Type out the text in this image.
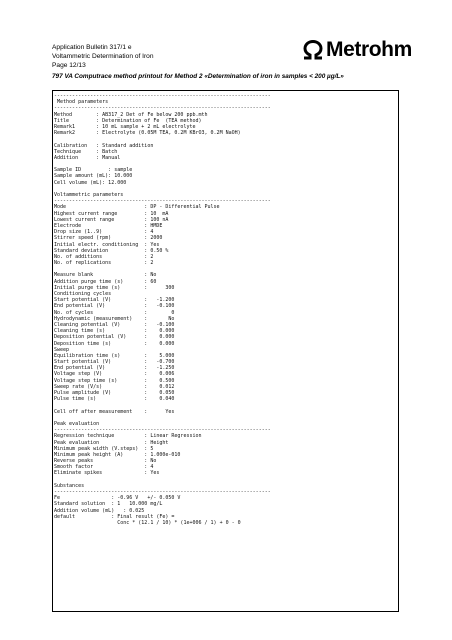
Application Bulletin 317/1 e
Voltammetric Determination of Iron
Page 12/13
Metrohm
797 VA Computrace method printout for Method 2 «Determination of iron in samples < 200 µg/L»
------------------------------------------------------------------------
Method parameters
------------------------------------------------------------------------
Method        : AB317_2 Det of Fe below 200 ppb.mth
Title         : Determination of Fe  (TEA method)
Remark1       : 10 mL sample + 2 mL electrolyte
Remark2       : Electrolyte (0.05M TEA, 0.2M KBrO3, 0.2M NaOH)
Calibration   : Standard addition
Technique     : Batch
Addition      : Manual
Sample ID         : sample
Sample amount (mL): 10.000
Cell volume (mL): 12.000
Voltammetric parameters
------------------------------------------------------------------------
Mode                          : DP - Differential Pulse
Highest current range         : 10  mA
Lowest current range          : 100 nA
Electrode                     : HMDE
Drop size (1..9)              : 4
Stirrer speed (rpm)           : 2000
Initial electr. conditioning  : Yes
Standard deviation            : 0.50 %
No. of additions              : 2
No. of replications           : 2
Measure blank                 : No
Addition purge time (s)       : 60
Initial purge time (s)        :      300
Conditioning cycles
Start potential (V)           :   -1.200
End potential (V)             :   -0.100
No. of cycles                 :        0
Hydrodynamic (measurement)    :       No
Cleaning potential (V)        :   -0.100
Cleaning time (s)             :    0.000
Deposition potential (V)      :    0.000
Deposition time (s)           :    0.000
Sweep
Equilibration time (s)        :    5.000
Start potential (V)           :   -0.700
End potential (V)             :   -1.250
Voltage step (V)              :    0.006
Voltage step time (s)         :    0.500
Sweep rate (V/s)              :    0.012
Pulse amplitude (V)           :    0.050
Pulse time (s)                :    0.040
Cell off after measurement    :      Yes
Peak evaluation
------------------------------------------------------------------------
Regression technique          : Linear Regression
Peak evaluation               : Height
Minimum peak width (V.steps)  : 5
Minimum peak height (A)       : 1.000e-010
Reverse peaks                 : No
Smooth factor                 : 4
Eliminate spikes              : Yes
Substances
------------------------------------------------------------------------
Fe                 : -0.96 V   +/- 0.050 V
Standard solution  : 1   10.000 mg/L
Addition volume (mL)   : 0.025
default            : Final result (Fe) =
Conc * (12.1 / 10) * (1e+006 / 1) + 0 - 0
